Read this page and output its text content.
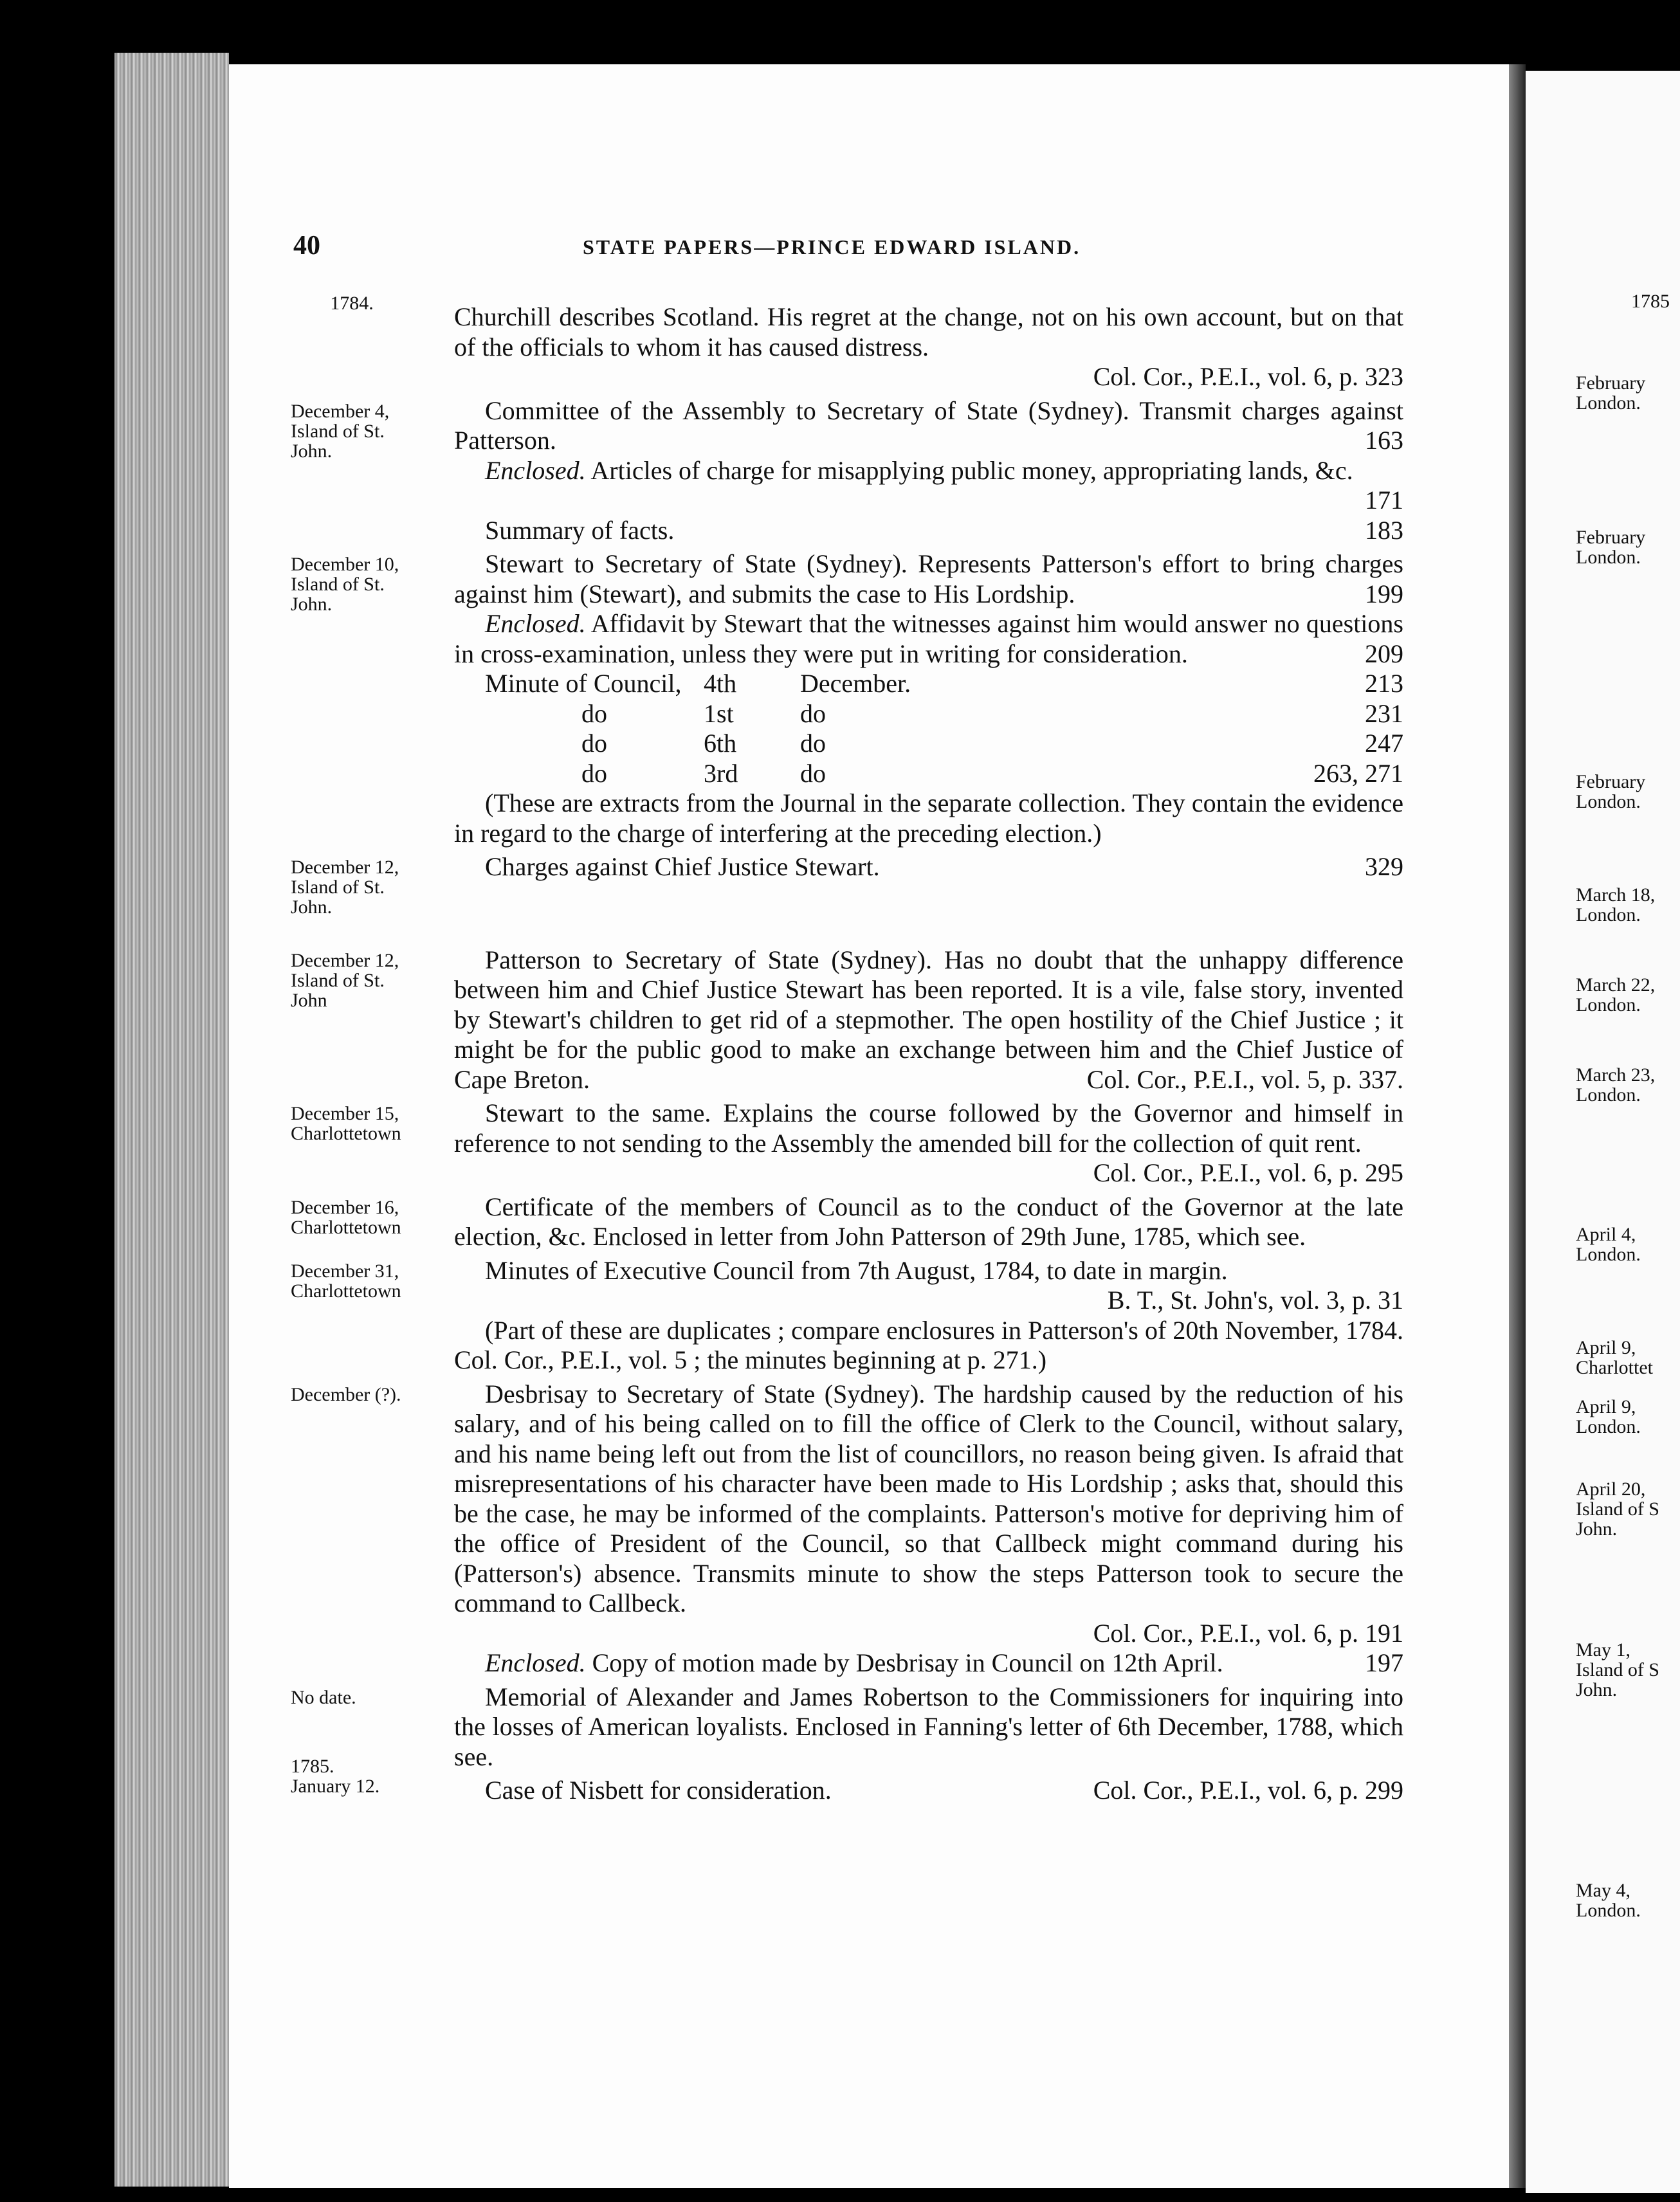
40	STATE PAPERS—PRINCE EDWARD ISLAND.
1784.	Churchill describes Scotland. His regret at the change, not on his own account, but on that of the officials to whom it has caused distress.
Col. Cor., P.E.I., vol. 6, p. 323
December 4,
Island of St.
John.
Committee of the Assembly to Secretary of State (Sydney). Transmit charges against Patterson.	163
Enclosed. Articles of charge for misapplying public money, appropriating lands, &c.
171
Summary of facts.	183
December 10,
Island of St.
John.
Stewart to Secretary of State (Sydney). Represents Patterson's effort to bring charges against him (Stewart), and submits the case to His Lordship.	199
Enclosed. Affidavit by Stewart that the witnesses against him would answer no questions in cross-examination, unless they were put in writing for consideration.	209
Minute of Council, 4th	December.	213
do	1st	do	231
do	6th	do	247
do	3rd	do	263, 271
(These are extracts from the Journal in the separate collection. They contain the evidence in regard to the charge of interfering at the preceding election.)
December 12,
Island of St.
John.
Charges against Chief Justice Stewart.	329
December 12,
Island of St.
John
Patterson to Secretary of State (Sydney). Has no doubt that the unhappy difference between him and Chief Justice Stewart has been reported. It is a vile, false story, invented by Stewart's children to get rid of a stepmother. The open hostility of the Chief Justice ; it might be for the public good to make an exchange between him and the Chief Justice of Cape Breton.	Col. Cor., P.E.I., vol. 5, p. 337.
December 15,
Charlottetown
Stewart to the same. Explains the course followed by the Governor and himself in reference to not sending to the Assembly the amended bill for the collection of quit rent.
Col. Cor., P.E.I., vol. 6, p. 295
December 16,
Charlottetown
Certificate of the members of Council as to the conduct of the Governor at the late election, &c. Enclosed in letter from John Patterson of 29th June, 1785, which see.
December 31,
Charlottetown
Minutes of Executive Council from 7th August, 1784, to date in margin.
B. T., St. John's, vol. 3, p. 31
(Part of these are duplicates ; compare enclosures in Patterson's of 20th November, 1784. Col. Cor., P.E.I., vol. 5 ; the minutes beginning at p. 271.)
December (?).	Desbrisay to Secretary of State (Sydney). The hardship caused by the reduction of his salary, and of his being called on to fill the office of Clerk to the Council, without salary, and his name being left out from the list of councillors, no reason being given. Is afraid that misrepresentations of his character have been made to His Lordship ; asks that, should this be the case, he may be informed of the complaints. Patterson's motive for depriving him of the office of President of the Council, so that Callbeck might command during his (Patterson's) absence. Transmits minute to show the steps Patterson took to secure the command to Callbeck.
Col. Cor., P.E.I., vol. 6, p. 191
Enclosed. Copy of motion made by Desbrisay in Council on 12th April.	197
No date.	Memorial of Alexander and James Robertson to the Commissioners for inquiring into the losses of American loyalists. Enclosed in Fanning's letter of 6th December, 1788, which see.
1785.
January 12.	Case of Nisbett for consideration.	Col. Cor., P.E.I., vol. 6, p. 299
1785
February
London.
February
London.
February
London.
March 18,
London.
March 22,
London.
March 23,
London.
April 4,
London.
April 9,
Charlottet
April 9,
London.
April 20,
Island of S
John.
May 1,
Island of S
John.
May 4,
London.
